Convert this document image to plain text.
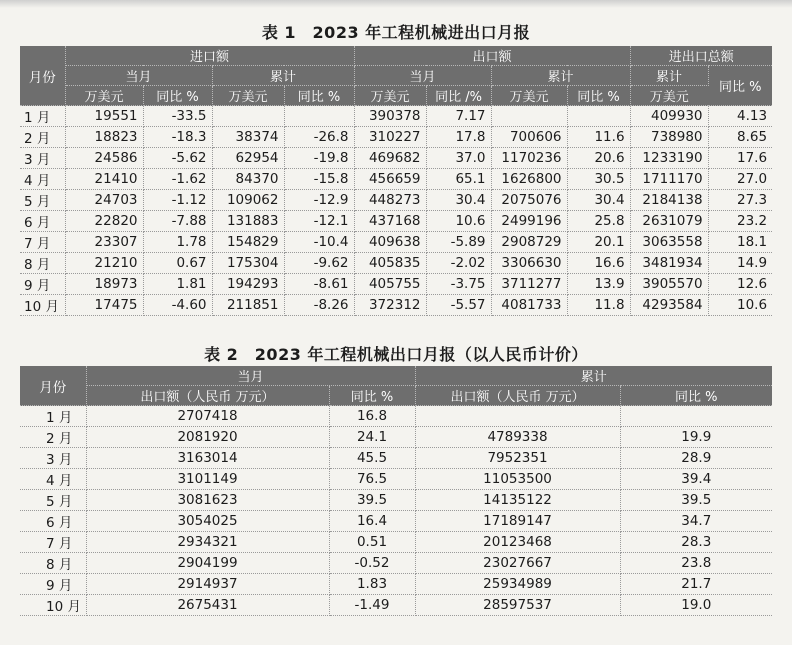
表 1　2023 年工程机械进出口月报
月份	进口额				出口额				进出口总额	
	当月		累计		当月		累计		累计	同比 %
	万美元	同比 %	万美元	同比 %	万美元	同比 /%	万美元	同比 %	万美元	
1 月	19551	-33.5			390378	7.17			409930	4.13
2 月	18823	-18.3	38374	-26.8	310227	17.8	700606	11.6	738980	8.65
3 月	24586	-5.62	62954	-19.8	469682	37.0	1170236	20.6	1233190	17.6
4 月	21410	-1.62	84370	-15.8	456659	65.1	1626800	30.5	1711170	27.0
5 月	24703	-1.12	109062	-12.9	448273	30.4	2075076	30.4	2184138	27.3
6 月	22820	-7.88	131883	-12.1	437168	10.6	2499196	25.8	2631079	23.2
7 月	23307	1.78	154829	-10.4	409638	-5.89	2908729	20.1	3063558	18.1
8 月	21210	0.67	175304	-9.62	405835	-2.02	3306630	16.6	3481934	14.9
9 月	18973	1.81	194293	-8.61	405755	-3.75	3711277	13.9	3905570	12.6
10 月	17475	-4.60	211851	-8.26	372312	-5.57	4081733	11.8	4293584	10.6
表 2　2023 年工程机械出口月报（以人民币计价）
月份	当月		累计	
	出口额（人民币 万元）	同比 %	出口额（人民币 万元）	同比 %
1 月	2707418	16.8		
2 月	2081920	24.1	4789338	19.9
3 月	3163014	45.5	7952351	28.9
4 月	3101149	76.5	11053500	39.4
5 月	3081623	39.5	14135122	39.5
6 月	3054025	16.4	17189147	34.7
7 月	2934321	0.51	20123468	28.3
8 月	2904199	-0.52	23027667	23.8
9 月	2914937	1.83	25934989	21.7
10 月	2675431	-1.49	28597537	19.0
